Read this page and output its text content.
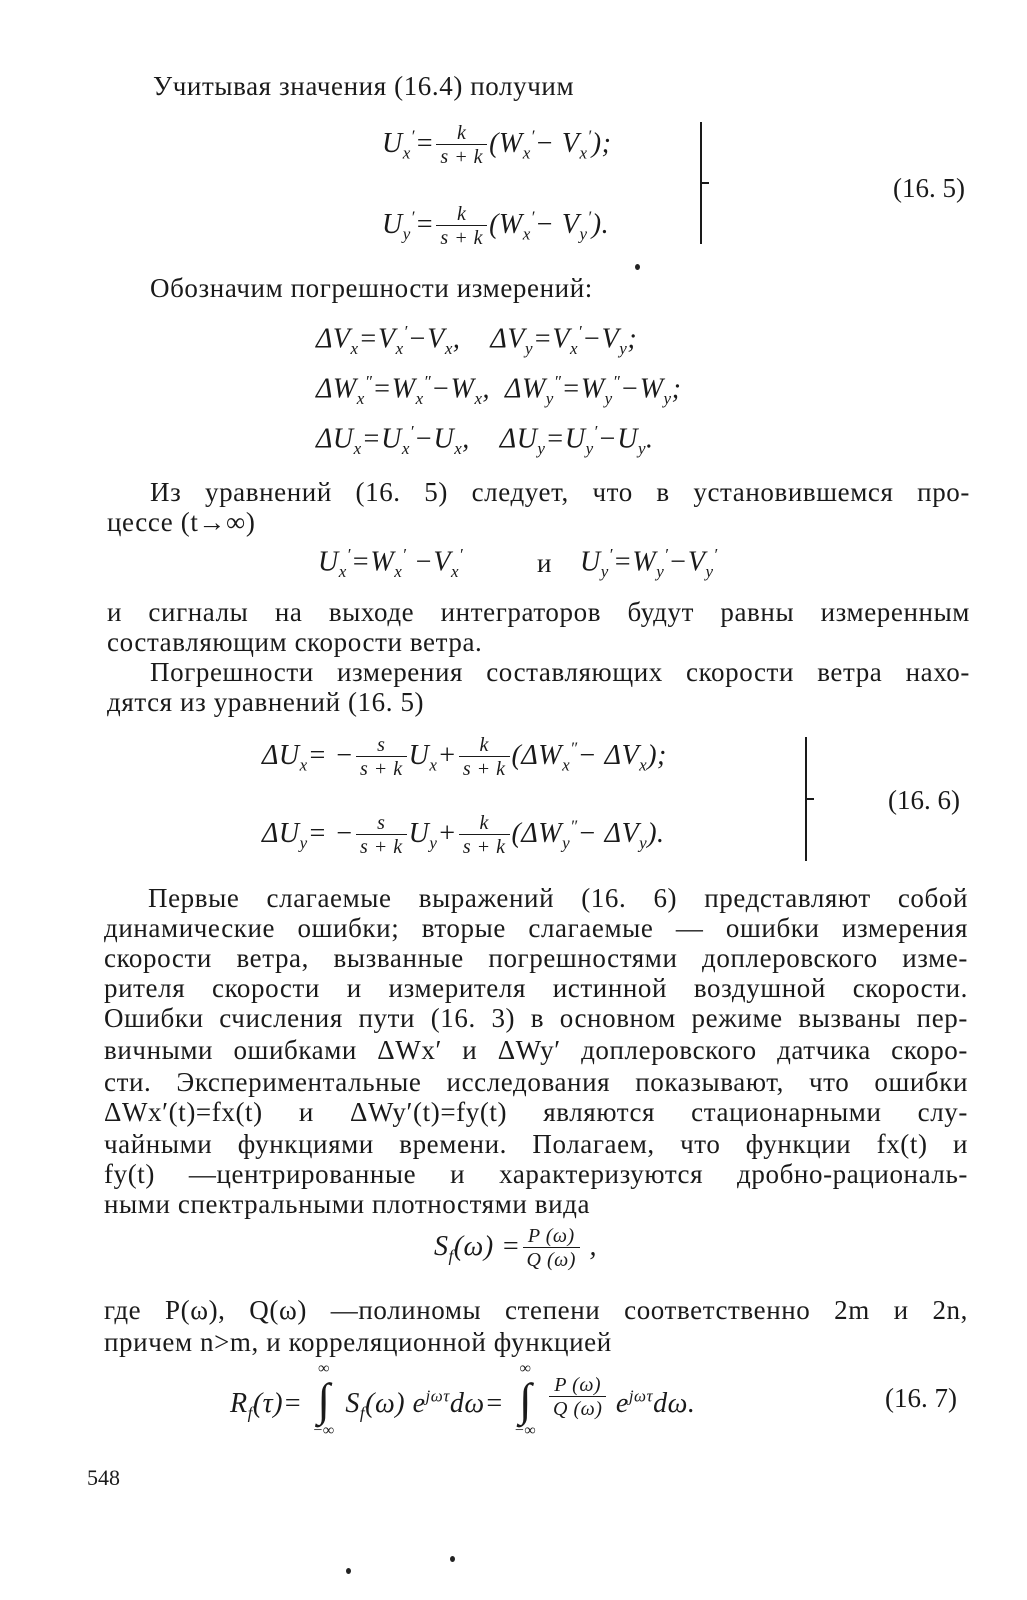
Учитывая значения (16.4) получим
$U_x'= \frac{k}{s + k} (W_x'- V_x')$;
$U_y'= \frac{k}{s + k} (W_x'- V_y')$.
(16. 5)
Обозначим погрешности измерений:
$\Delta V_x=V_x'-V_x$,    $\Delta V_y=V_x'-V_y$;
$\Delta W_x''=W_x''-W_x$,  $\Delta W_y''=W_y''-W_y$;
$\Delta U_x=U_x'-U_x$,    $\Delta U_y=U_y'-U_y$.
Из уравнений (16. 5) следует, что в установившемся про-
цессе (t→∞)
$U_x'=W_x' -V_x'$	и $U_y'=W_y'-V_y'$
и сигналы на выходе интеграторов будут равны измеренным
составляющим скорости ветра.
Погрешности измерения составляющих скорости ветра нахо-
дятся из уравнений (16. 5)
$\Delta U_x= - \frac{s}{s + k} U_x+ \frac{k}{s + k} (\Delta W_x''- \Delta V_x)$;
$\Delta U_y= - \frac{s}{s + k} U_y+ \frac{k}{s + k} (\Delta W_y''- \Delta V_y)$.
(16. 6)
Первые слагаемые выражений (16. 6) представляют собой
динамические ошибки; вторые слагаемые — ошибки измерения
скорости ветра, вызванные погрешностями доплеровского изме-
рителя скорости и измерителя истинной воздушной скорости.
Ошибки счисления пути (16. 3) в основном режиме вызваны пер-
вичными ошибками ΔWx′ и ΔWy′ доплеровского датчика скоро-
сти. Экспериментальные исследования показывают, что ошибки
ΔWx′(t)=fx(t) и ΔWy′(t)=fy(t) являются стационарными слу-
чайными функциями времени. Полагаем, что функции fx(t) и
fy(t) —центрированные и характеризуются дробно-рациональ-
ными спектральными плотностями вида
$S_f(\omega) = \frac{P (\omega)}{Q (\omega)}$ ,
где P(ω), Q(ω) —полиномы степени соответственно 2m и 2n,
причем n>m, и корреляционной функцией
$R_f(\tau)=$
∞
∫
−∞
$S_f(\omega)$ $e^{j\omega\tau}d\omega=$
∞
∫
−∞

$\frac{P (\omega)}{Q (\omega)} e^{j\omega\tau}d\omega$.	(16. 7)
548
